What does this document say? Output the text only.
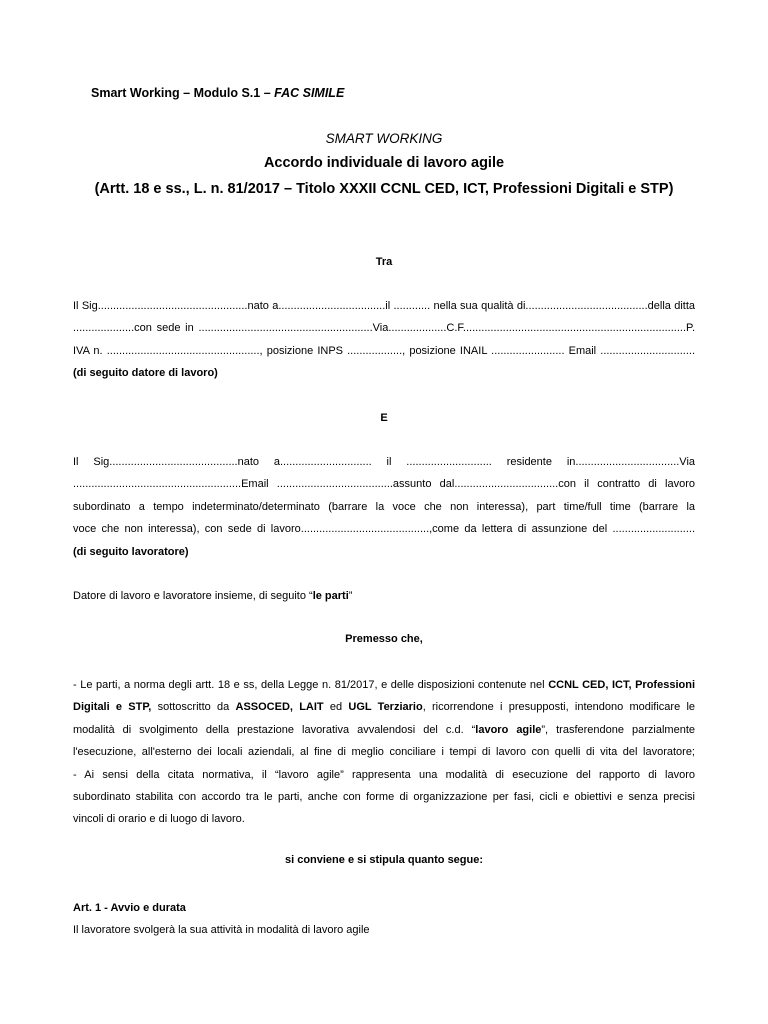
Smart Working – Modulo S.1 – FAC SIMILE
SMART WORKING
Accordo individuale di lavoro agile
(Artt. 18 e ss., L. n. 81/2017 – Titolo XXXII CCNL CED, ICT, Professioni Digitali e STP)
Tra
Il Sig.................................................nato a...................................il ............ nella sua qualità di........................................della ditta
....................con sede in .........................................................Via...................C.F.........................................................................P.
IVA n. .................................................., posizione INPS .................., posizione INAIL ........................ Email ...............................
(di seguito datore di lavoro)
E
Il Sig..........................................nato a.............................. il ............................ residente in..................................Via
.......................................................Email ......................................assunto dal..................................con il contratto di lavoro
subordinato a tempo indeterminato/determinato (barrare la voce che non interessa), part time/full time (barrare la
voce che non interessa), con sede di lavoro..........................................,come da lettera di assunzione del ...........................
(di seguito lavoratore)
Datore di lavoro e lavoratore insieme, di seguito “le parti”
Premesso che,
- Le parti, a norma degli artt. 18 e ss, della Legge n. 81/2017, e delle disposizioni contenute nel CCNL CED, ICT, Professioni
Digitali e STP, sottoscritto da ASSOCED, LAIT ed UGL Terziario, ricorrendone i presupposti, intendono modificare le
modalità di svolgimento della prestazione lavorativa avvalendosi del c.d. “lavoro agile”, trasferendone parzialmente
l'esecuzione, all'esterno dei locali aziendali, al fine di meglio conciliare i tempi di lavoro con quelli di vita del lavoratore;
- Ai sensi della citata normativa, il “lavoro agile” rappresenta una modalità di esecuzione del rapporto di lavoro
subordinato stabilita con accordo tra le parti, anche con forme di organizzazione per fasi, cicli e obiettivi e senza precisi
vincoli di orario e di luogo di lavoro.
si conviene e si stipula quanto segue:
Art. 1 - Avvio e durata
Il lavoratore svolgerà la sua attività in modalità di lavoro agile
